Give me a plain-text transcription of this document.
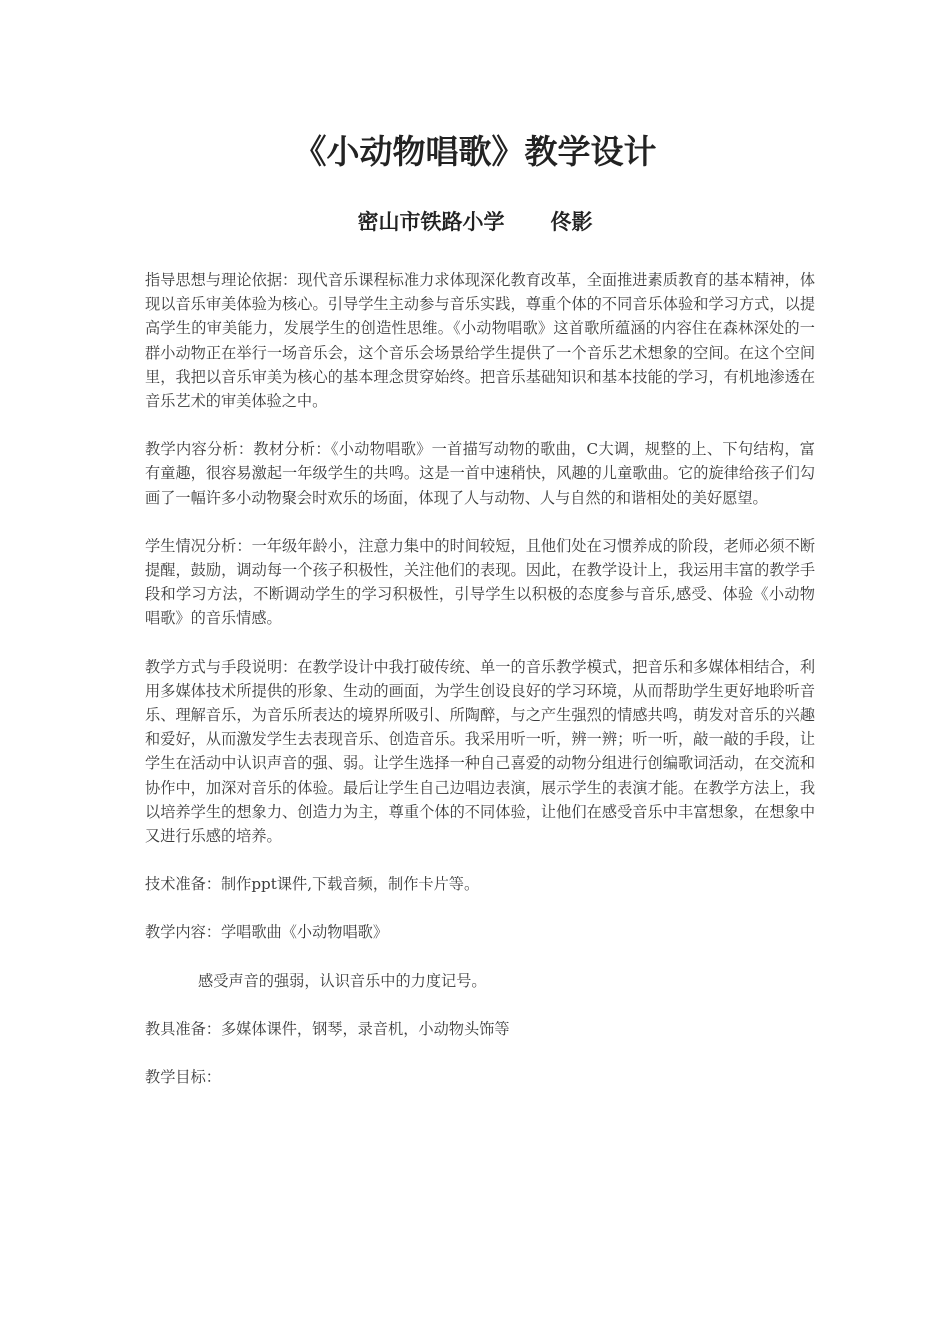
《小动物唱歌》教学设计
密山市铁路小学 佟影

指导思想与理论依据：现代音乐课程标准力求体现深化教育改革，全面推进素质教育的基本精神，体现以音乐审美体验为核心。引导学生主动参与音乐实践，尊重个体的不同音乐体验和学习方式，以提高学生的审美能力，发展学生的创造性思维。《小动物唱歌》这首歌所蕴涵的内容住在森林深处的一群小动物正在举行一场音乐会，这个音乐会场景给学生提供了一个音乐艺术想象的空间。在这个空间里，我把以音乐审美为核心的基本理念贯穿始终。把音乐基础知识和基本技能的学习，有机地渗透在音乐艺术的审美体验之中。

教学内容分析：教材分析：《小动物唱歌》一首描写动物的歌曲，C大调，规整的上、下句结构，富有童趣，很容易激起一年级学生的共鸣。这是一首中速稍快，风趣的儿童歌曲。它的旋律给孩子们勾画了一幅许多小动物聚会时欢乐的场面，体现了人与动物、人与自然的和谐相处的美好愿望。

学生情况分析：一年级年龄小，注意力集中的时间较短，且他们处在习惯养成的阶段，老师必须不断提醒，鼓励，调动每一个孩子积极性，关注他们的表现。因此，在教学设计上，我运用丰富的教学手段和学习方法，不断调动学生的学习积极性，引导学生以积极的态度参与音乐,感受、体验《小动物唱歌》的音乐情感。

教学方式与手段说明：在教学设计中我打破传统、单一的音乐教学模式，把音乐和多媒体相结合，利用多媒体技术所提供的形象、生动的画面，为学生创设良好的学习环境，从而帮助学生更好地聆听音乐、理解音乐，为音乐所表达的境界所吸引、所陶醉，与之产生强烈的情感共鸣，萌发对音乐的兴趣和爱好，从而激发学生去表现音乐、创造音乐。我采用听一听，辨一辨；听一听，敲一敲的手段，让学生在活动中认识声音的强、弱。让学生选择一种自己喜爱的动物分组进行创编歌词活动，在交流和协作中，加深对音乐的体验。最后让学生自己边唱边表演，展示学生的表演才能。在教学方法上，我以培养学生的想象力、创造力为主，尊重个体的不同体验，让他们在感受音乐中丰富想象，在想象中又进行乐感的培养。

技术准备：制作ppt课件,下载音频，制作卡片等。

教学内容：学唱歌曲《小动物唱歌》

感受声音的强弱，认识音乐中的力度记号。

教具准备：多媒体课件，钢琴，录音机，小动物头饰等

教学目标：
